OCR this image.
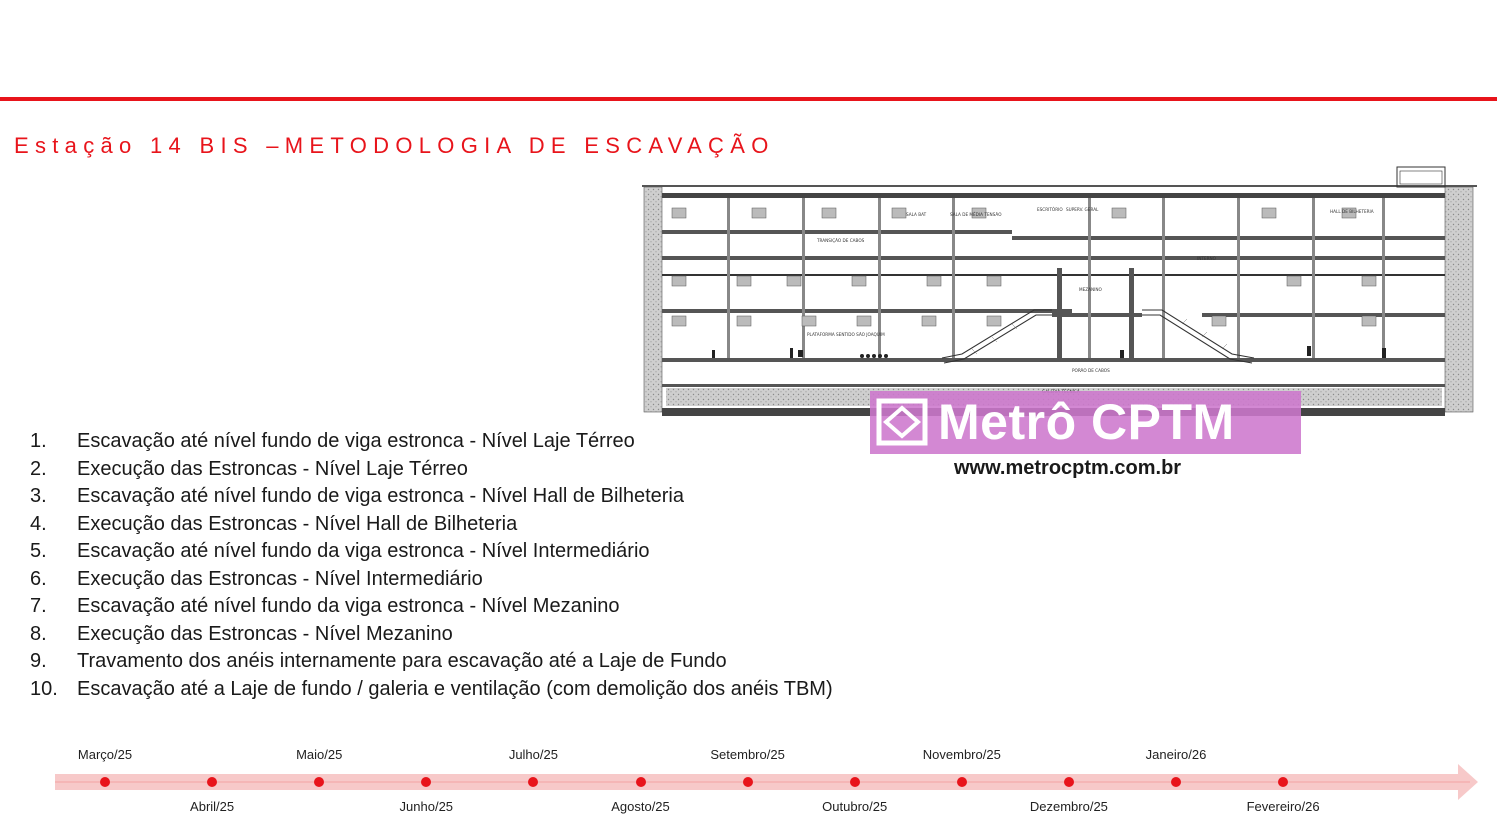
Estação 14 BIS –METODOLOGIA DE ESCAVAÇÃO
SALA BAT	SALA DE MÉDIA TENSÃO
ESCRITÓRIO SUPERV. GERAL	HALL DE BILHETERIA
TRANSIÇÃO DE CABOS
INTERNO
MEZANINO
PLATAFORMA SENTIDO SÃO JOAQUIM
PORÃO DE CABOS
Metrô CPTM
www.metrocptm.com.br
1. Escavação até nível fundo de viga estronca - Nível Laje Térreo
2. Execução das Estroncas - Nível Laje Térreo
3. Escavação até nível fundo de viga estronca - Nível Hall de Bilheteria
4. Execução das Estroncas - Nível Hall de Bilheteria
5. Escavação até nível fundo da viga estronca - Nível Intermediário
6. Execução das Estroncas - Nível Intermediário
7. Escavação até nível fundo da viga estronca - Nível Mezanino
8. Execução das Estroncas - Nível Mezanino
9. Travamento dos anéis internamente para escavação até a Laje de Fundo
10. Escavação até a Laje de fundo / galeria e ventilação (com demolição dos anéis TBM)
Março/25
Abril/25
Maio/25
Junho/25
Julho/25
Agosto/25
Setembro/25
Outubro/25
Novembro/25
Dezembro/25
Janeiro/26
Fevereiro/26
